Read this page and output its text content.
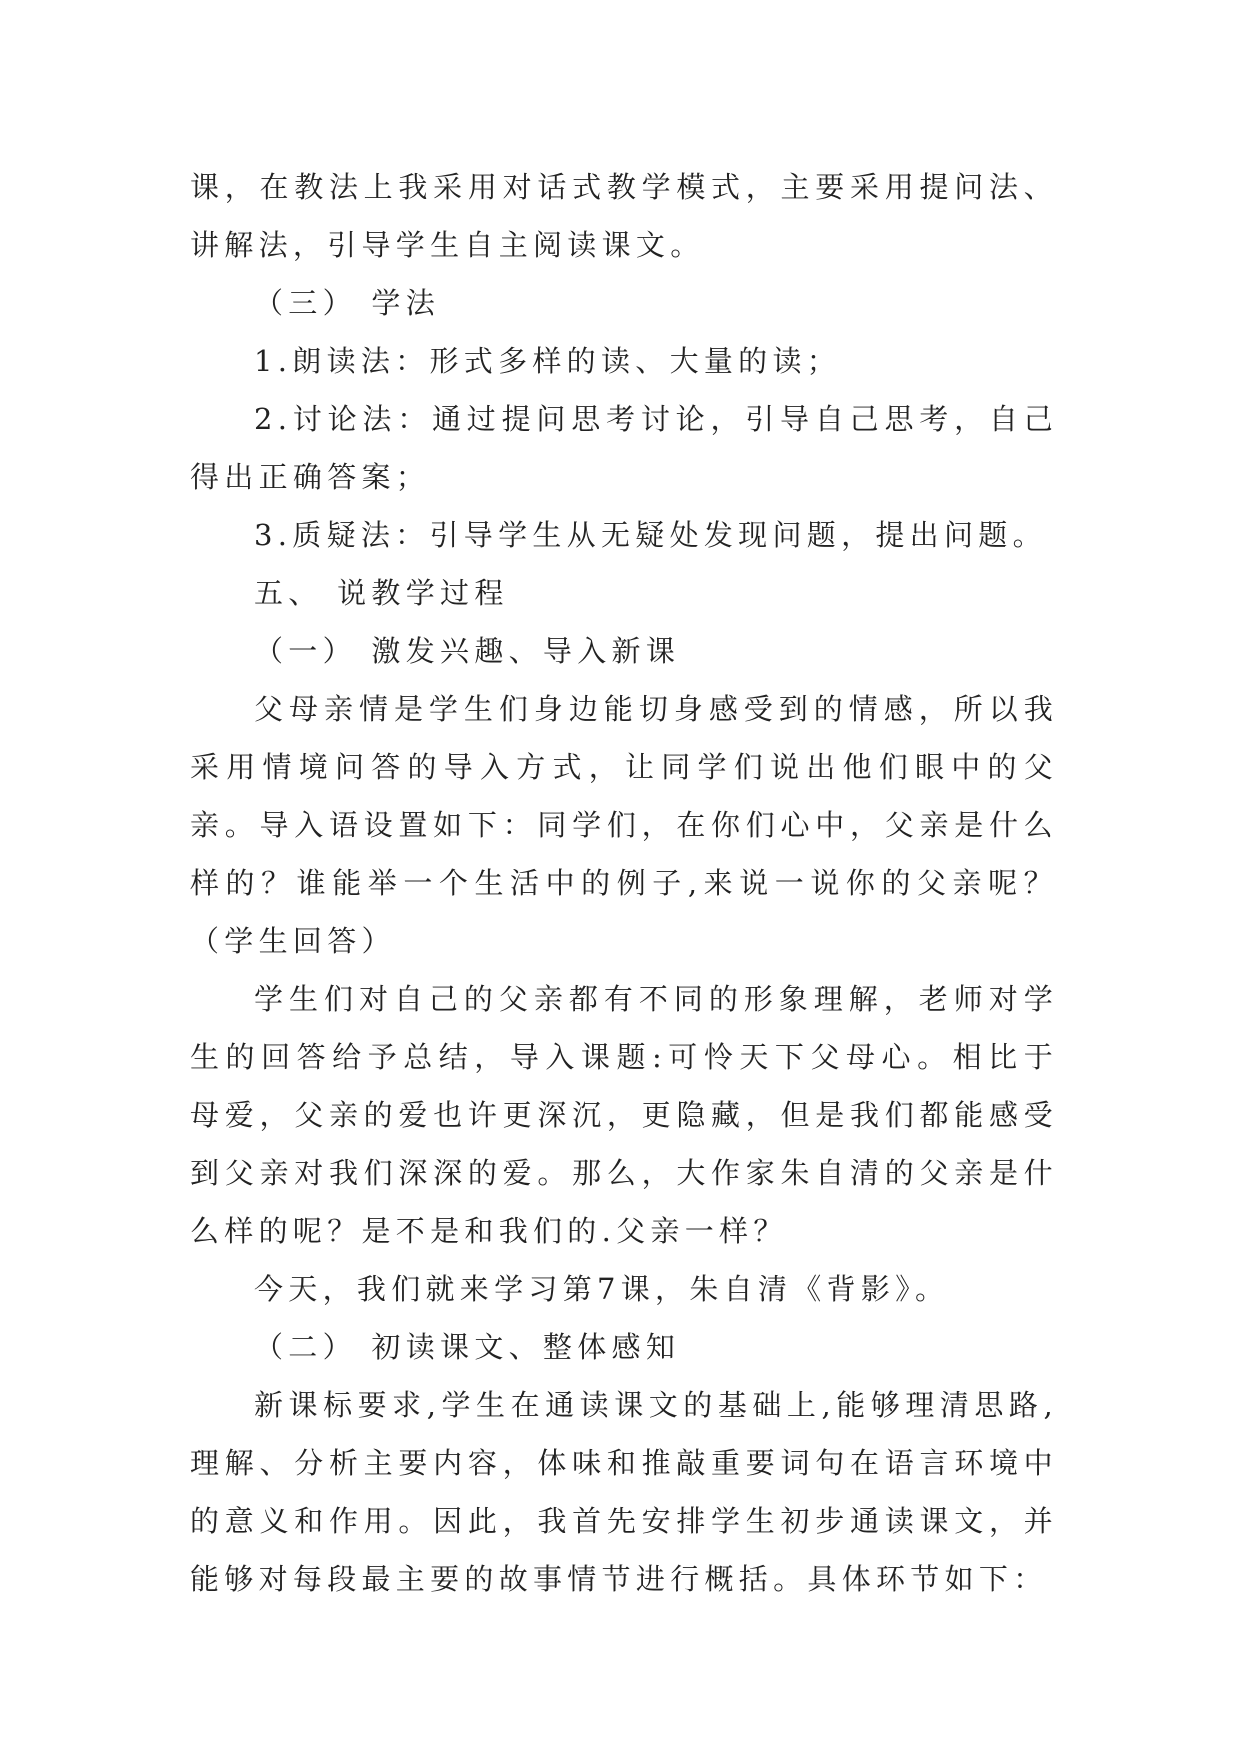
课，在教法上我采用对话式教学模式，主要采用提问法、讲解法，引导学生自主阅读课文。

（三） 学法

1.朗读法：形式多样的读、大量的读；

2.讨论法：通过提问思考讨论，引导自己思考，自己得出正确答案；

3.质疑法：引导学生从无疑处发现问题，提出问题。

五、 说教学过程

（一） 激发兴趣、导入新课

父母亲情是学生们身边能切身感受到的情感，所以我采用情境问答的导入方式，让同学们说出他们眼中的父亲。导入语设置如下：同学们，在你们心中，父亲是什么样的？谁能举一个生活中的例子,来说一说你的父亲呢？（学生回答）

学生们对自己的父亲都有不同的形象理解，老师对学生的回答给予总结，导入课题:可怜天下父母心。相比于母爱，父亲的爱也许更深沉，更隐藏，但是我们都能感受到父亲对我们深深的爱。那么，大作家朱自清的父亲是什么样的呢？是不是和我们的.父亲一样？

今天，我们就来学习第7课，朱自清《背影》。

（二） 初读课文、整体感知

新课标要求,学生在通读课文的基础上,能够理清思路,理解、分析主要内容，体味和推敲重要词句在语言环境中的意义和作用。因此，我首先安排学生初步通读课文，并能够对每段最主要的故事情节进行概括。具体环节如下：
